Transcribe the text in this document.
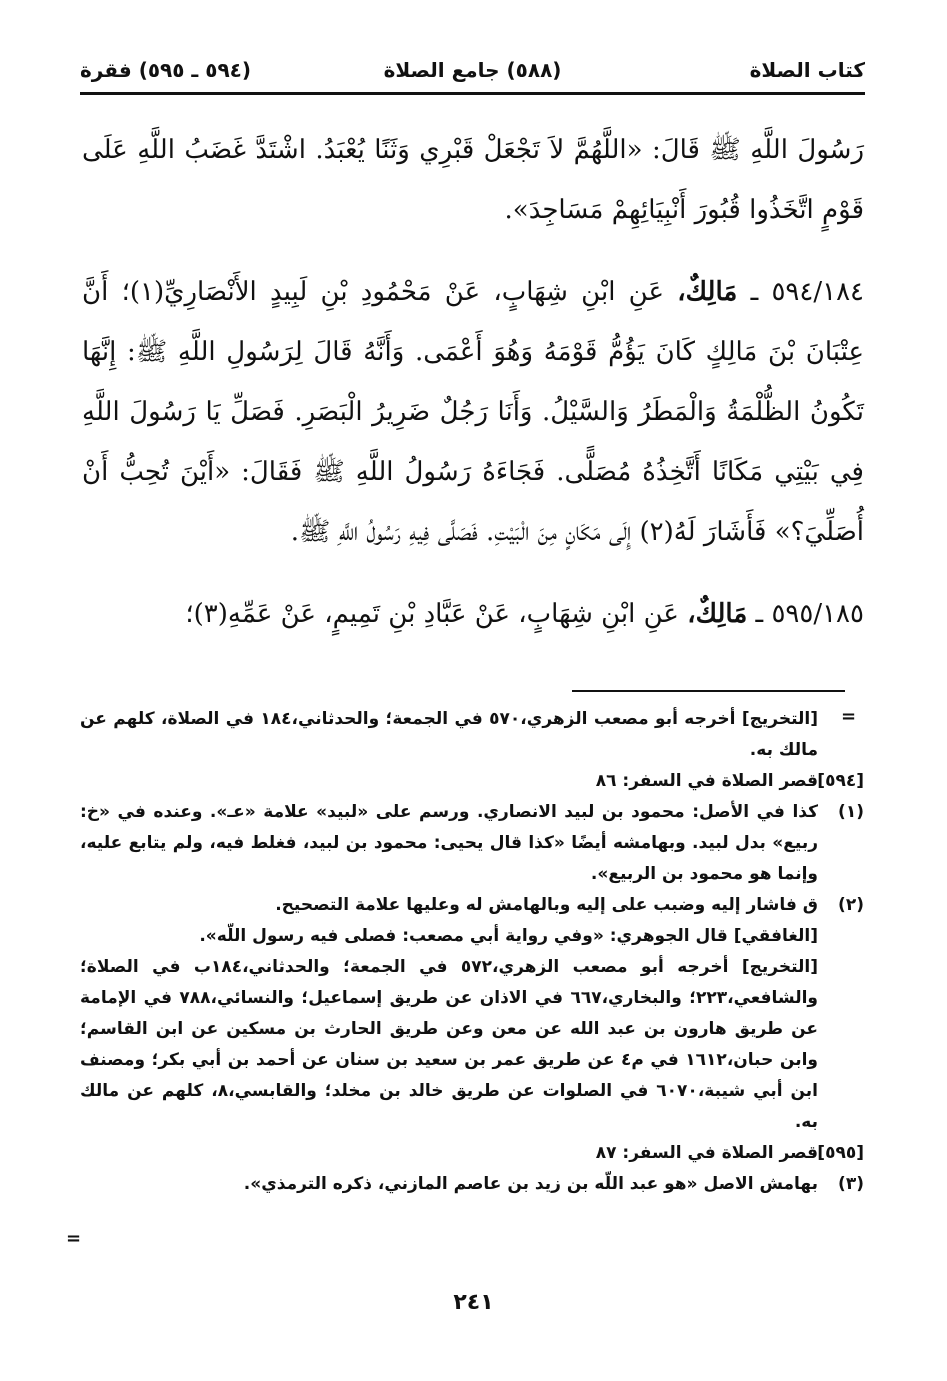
كتاب الصلاة
(٥٨٨) جامع الصلاة
(٥٩٤ ـ ٥٩٥) فقرة

رَسُولَ اللَّهِ ﷺ قَالَ: «اللَّهُمَّ لاَ تَجْعَلْ قَبْرِي وَثَنًا يُعْبَدُ. اشْتَدَّ غَضَبُ اللَّهِ عَلَى قَوْمٍ اتَّخَذُوا قُبُورَ أَنْبِيَائِهِمْ مَسَاجِدَ».

٥٩٤/١٨٤ ـ مَالِكٌ، عَنِ ابْنِ شِهَابٍ، عَنْ مَحْمُودِ بْنِ لَبِيدٍ الأَنْصَارِيِّ(١)؛ أَنَّ عِتْبَانَ بْنَ مَالِكٍ كَانَ يَؤُمُّ قَوْمَهُ وَهُوَ أَعْمَى. وَأَنَّهُ قَالَ لِرَسُولِ اللَّهِ ﷺ: إِنَّهَا تَكُونُ الظُّلْمَةُ وَالْمَطَرُ وَالسَّيْلُ. وَأَنَا رَجُلٌ ضَرِيرُ الْبَصَرِ. فَصَلِّ يَا رَسُولَ اللَّهِ فِي بَيْتِي مَكَانًا أَتَّخِذُهُ مُصَلًّى. فَجَاءَهُ رَسُولُ اللَّهِ ﷺ فَقَالَ: «أَيْنَ تُحِبُّ أَنْ أُصَلِّيَ؟» فَأَشَارَ لَهُ(٢) إِلَى مَكَانٍ مِنَ الْبَيْتِ. فَصَلَّى فِيهِ رَسُولُ اللَّهِ ﷺ.

٥٩٥/١٨٥ ـ مَالِكٌ، عَنِ ابْنِ شِهَابٍ، عَنْ عَبَّادِ بْنِ تَمِيمٍ، عَنْ عَمِّهِ(٣)؛

=
[التخريج] أخرجه أبو مصعب الزهري،٥٧٠ في الجمعة؛ والحدثاني،١٨٤ في الصلاة، كلهم عن مالك به.
[٥٩٤]
قصر الصلاة في السفر: ٨٦
(١)
كذا في الأصل: محمود بن لبيد الانصاري. ورسم على «لبيد» علامة «عـ». وعنده في «خ: ربيع» بدل لبيد. وبهامشه أيضًا «كذا قال يحيى: محمود بن لبيد، فغلط فيه، ولم يتابع عليه، وإنما هو محمود بن الربيع».
(٢)
ق فاشار إليه وضبب على إليه وبالهامش له وعليها علامة التصحيح.
[الغافقي] قال الجوهري: «وفي رواية أبي مصعب: فصلى فيه رسول اللّه».
[التخريج] أخرجه أبو مصعب الزهري،٥٧٢ في الجمعة؛ والحدثاني،١٨٤ب في الصلاة؛ والشافعي،٢٢٣؛ والبخاري،٦٦٧ في الاذان عن طريق إسماعيل؛ والنسائي،٧٨٨ في الإمامة عن طريق هارون بن عبد الله عن معن وعن طريق الحارث بن مسكين عن ابن القاسم؛ وابن حبان،١٦١٢ في م٤ عن طريق عمر بن سعيد بن سنان عن أحمد بن أبي بكر؛ ومصنف ابن أبي شيبة،٦٠٧٠ في الصلوات عن طريق خالد بن مخلد؛ والقابسي،٨، كلهم عن مالك به.
[٥٩٥]
قصر الصلاة في السفر: ٨٧
(٣)
بهامش الاصل «هو عبد اللّه بن زيد بن عاصم المازني، ذكره الترمذي».
=
٢٤١
